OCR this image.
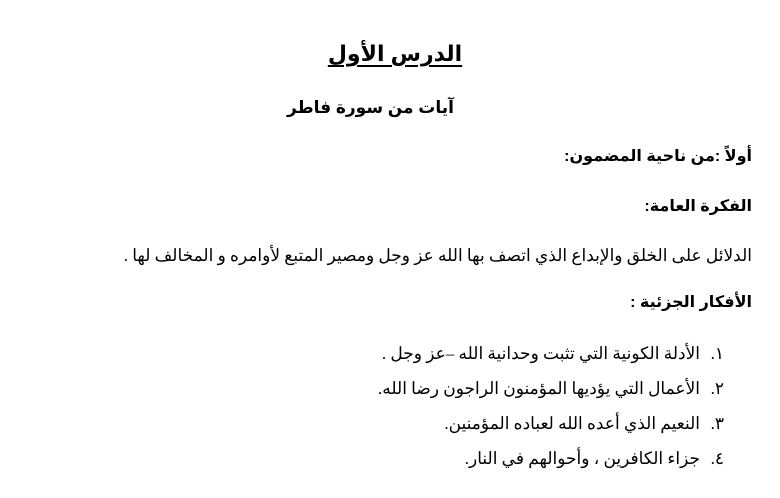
الدرس الأول
آيات من سورة فاطر
أولاً :من ناحية المضمون:
الفكرة العامة:
الدلائل على الخلق والإبداع الذي اتصف بها الله عز وجل ومصير المتبع لأوامره و المخالف لها .
الأفكار الجزئية :
١.
الأدلة الكونية التي تثبت وحدانية الله –عز وجل .
٢.
الأعمال التي يؤديها المؤمنون الراجون رضا الله.
٣.
النعيم الذي أعده الله لعباده المؤمنين.
٤.
جزاء الكافرين ، وأحوالهم في النار.
